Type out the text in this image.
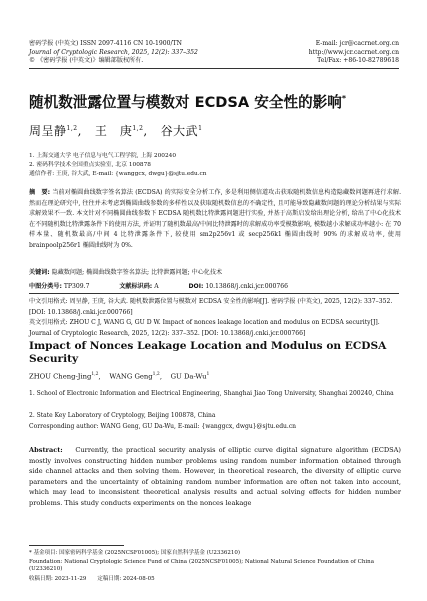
密码学报 (中英文) ISSN 2097-4116 CN 10-1900/TN
Journal of Cryptologic Research, 2025, 12(2): 337–352
© 《密码学报 (中英文)》编辑部版权所有.
E-mail: jcr@cacrnet.org.cn
http://www.jcr.cacrnet.org.cn
Tel/Fax: +86-10-82789618
随机数泄露位置与模数对 ECDSA 安全性的影响*
周呈静$^{1,2}$,   王　庚$^{1,2}$,   谷大武$^1$
1. 上海交通大学 电子信息与电气工程学院, 上海 200240
2. 密码科学技术全国重点实验室, 北京 100878
通信作者: 王庚, 谷大武, E-mail: {wanggcx, dwgu}@sjtu.edu.cn
摘　要: 当前对椭圆曲线数字签名算法 (ECDSA) 的实际安全分析工作, 多是利用侧信道攻击获取随机数信息构造隐藏数问题再进行求解. 然而在理论研究中, 往往并未考虑到椭圆曲线参数的多样性以及获取随机数信息的不确定性, 且可能导致隐藏数问题的理论分析结果与实际求解效果不一致. 本文针对不同椭圆曲线参数下 ECDSA 随机数比特泄露问题进行实验, 并基于高斯启发给出理论分析, 给出了中心化技术在不同随机数比特泄露条件下的使用方法, 并证明了随机数最高/中间比特泄露时的求解成功率受模数影响, 模数越小求解成功率越小: 在 70 样本量、随机数最高/中间 4 比特泄露条件下, 较使用 sm2p256v1 或 secp256k1 椭圆曲线时 90% 的求解成功率, 使用 brainpoolp256r1 椭圆曲线时为 0%.
关键词: 隐藏数问题; 椭圆曲线数字签名算法; 比特泄露问题; 中心化技术
中图分类号: TP309.7	文献标识码: A	DOI: 10.13868/j.cnki.jcr.000766
中文引用格式: 周呈静, 王庚, 谷大武. 随机数泄露位置与模数对 ECDSA 安全性的影响[J]. 密码学报 (中英文), 2025, 12(2): 337–352. [DOI: 10.13868/j.cnki.jcr.000766]
英文引用格式: ZHOU C J, WANG G, GU D W. Impact of nonces leakage location and modulus on ECDSA security[J]. Journal of Cryptologic Research, 2025, 12(2): 337–352. [DOI: 10.13868/j.cnki.jcr.000766]
Impact of Nonces Leakage Location and Modulus on ECDSA Security
ZHOU Cheng-Jing$^{1,2}$,    WANG Geng$^{1,2}$,    GU Da-Wu$^1$
1. School of Electronic Information and Electrical Engineering, Shanghai Jiao Tong University, Shanghai 200240, China
2. State Key Laboratory of Cryptology, Beijing 100878, China
Corresponding author: WANG Geng, GU Da-Wu, E-mail: {wanggcx, dwgu}@sjtu.edu.cn
Abstract: Currently, the practical security analysis of elliptic curve digital signature algorithm (ECDSA) mostly involves constructing hidden number problems using random number information obtained through side channel attacks and then solving them. However, in theoretical research, the diversity of elliptic curve parameters and the uncertainty of obtaining random number information are often not taken into account, which may lead to inconsistent theoretical analysis results and actual solving effects for hidden number problems. This study conducts experiments on the nonces leakage
* 基金项目: 国家密码科学基金 (2025NCSF01005); 国家自然科学基金 (U2336210)
Foundation: National Cryptologic Science Fund of China (2025NCSF01005); National Natural Science Foundation of China (U2336210)
收稿日期: 2023-11-29　　定稿日期: 2024-08-05
